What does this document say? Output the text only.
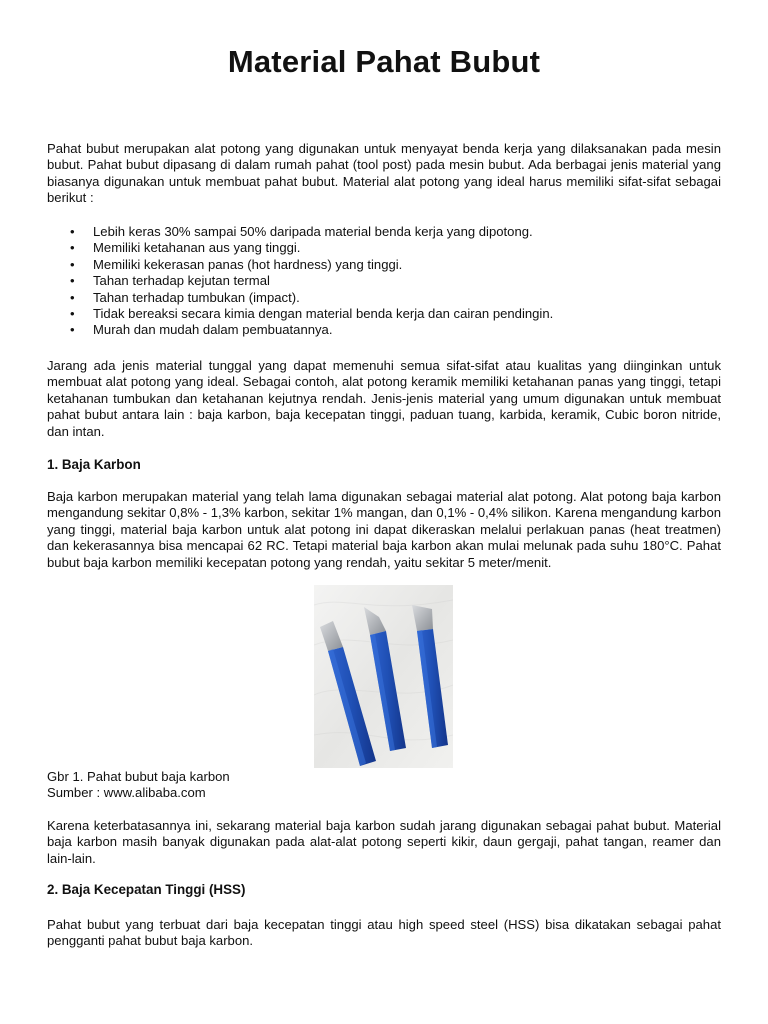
Material Pahat Bubut

Pahat bubut merupakan alat potong yang digunakan untuk menyayat benda kerja yang dilaksanakan pada mesin bubut. Pahat bubut dipasang di dalam rumah pahat (tool post) pada mesin bubut. Ada berbagai jenis material yang biasanya digunakan untuk membuat pahat bubut. Material alat potong yang ideal harus memiliki sifat-sifat sebagai berikut :

• Lebih keras 30% sampai 50% daripada material benda kerja yang dipotong.
• Memiliki ketahanan aus yang tinggi.
• Memiliki kekerasan panas (hot hardness) yang tinggi.
• Tahan terhadap kejutan termal
• Tahan terhadap tumbukan (impact).
• Tidak bereaksi secara kimia dengan material benda kerja dan cairan pendingin.
• Murah dan mudah dalam pembuatannya.

Jarang ada jenis material tunggal yang dapat memenuhi semua sifat-sifat atau kualitas yang diinginkan untuk membuat alat potong yang ideal. Sebagai contoh, alat potong keramik memiliki ketahanan panas yang tinggi, tetapi ketahanan tumbukan dan ketahanan kejutnya rendah. Jenis-jenis material yang umum digunakan untuk membuat pahat bubut antara lain : baja karbon, baja kecepatan tinggi, paduan tuang, karbida, keramik, Cubic boron nitride, dan intan.

1. Baja Karbon

Baja karbon merupakan material yang telah lama digunakan sebagai material alat potong. Alat potong baja karbon mengandung sekitar 0,8% - 1,3% karbon, sekitar 1% mangan, dan 0,1% - 0,4% silikon. Karena mengandung karbon yang tinggi, material baja karbon untuk alat potong ini dapat dikeraskan melalui perlakuan panas (heat treatmen) dan kekerasannya bisa mencapai 62 RC. Tetapi material baja karbon akan mulai melunak pada suhu 180°C. Pahat bubut baja karbon memiliki kecepatan potong yang rendah, yaitu sekitar 5 meter/menit.

Gbr 1. Pahat bubut baja karbon
Sumber : www.alibaba.com

Karena keterbatasannya ini, sekarang material baja karbon sudah jarang digunakan sebagai pahat bubut. Material baja karbon masih banyak digunakan pada alat-alat potong seperti kikir, daun gergaji, pahat tangan, reamer dan lain-lain.

2. Baja Kecepatan Tinggi (HSS)

Pahat bubut yang terbuat dari baja kecepatan tinggi atau high speed steel (HSS) bisa dikatakan sebagai pahat pengganti pahat bubut baja karbon.
